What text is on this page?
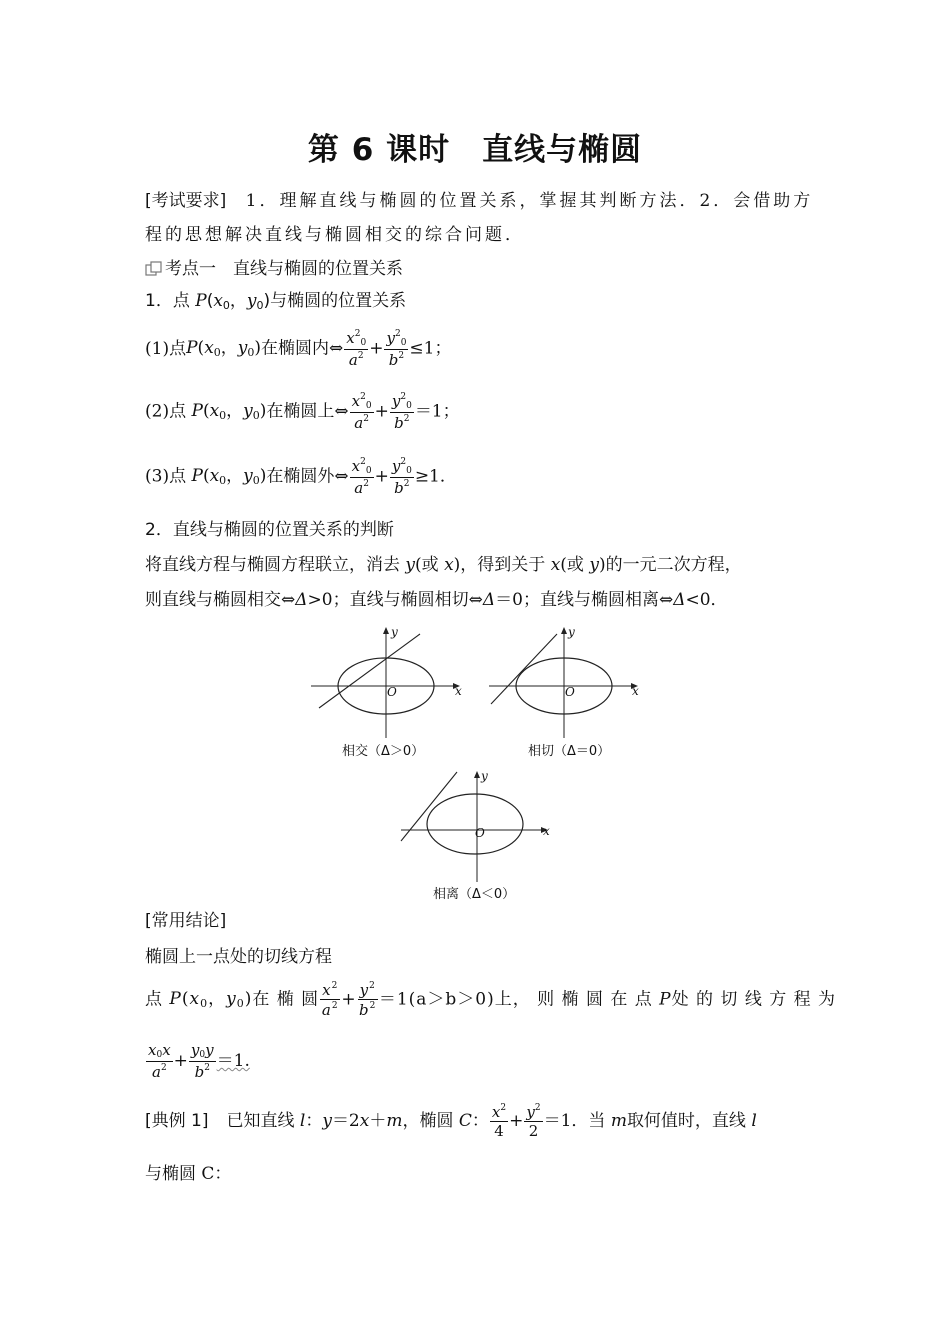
第 6 课时　直线与椭圆
[考试要求] 1．理解直线与椭圆的位置关系，掌握其判断方法．2．会借助方
程的思想解决直线与椭圆相交的综合问题．
考点一　直线与椭圆的位置关系
1．点 $P(x_0$，$y_0$)与椭圆的位置关系
(1)点$P(x_0$，$y_0$)在椭圆内⇔ $\frac{x^2_0}{a^2} + \frac{y^2_0}{b^2} \le 1$；
(2)点 $P(x_0$，$y_0$)在椭圆上⇔ $\frac{x^2_0}{a^2} + \frac{y^2_0}{b^2} =1$；
(3)点 $P(x_0$，$y_0$)在椭圆外⇔ $\frac{x^2_0}{a^2} + \frac{y^2_0}{b^2} \ge 1$．
2．直线与椭圆的位置关系的判断
将直线方程与椭圆方程联立，消去 y(或 x)，得到关于 x(或 y)的一元二次方程，
则直线与椭圆相交⇔Δ>0；直线与椭圆相切⇔Δ＝0；直线与椭圆相离⇔Δ<0．
y
x
O
相交（Δ＞0）
y
x
O
相切（Δ＝0）
y
x
O
相离（Δ＜0）
[常用结论]
椭圆上一点处的切线方程
点 $P(x_0$，$y_0$)在 椭 圆 $\frac{x^2}{a^2} + \frac{y^2}{b^2} =1(a>b>0)$上， 则 椭 圆 在 点 P处 的 切 线 方 程 为
$\frac{x_0x}{a^2} + \frac{y_0y}{b^2} =1$.
[典例 1] 已知直线 l：y＝2x＋m，椭圆 C： $\frac{x^2}{4} + \frac{y^2}{2} =1$．当 m取何值时，直线 l
与椭圆 C：
